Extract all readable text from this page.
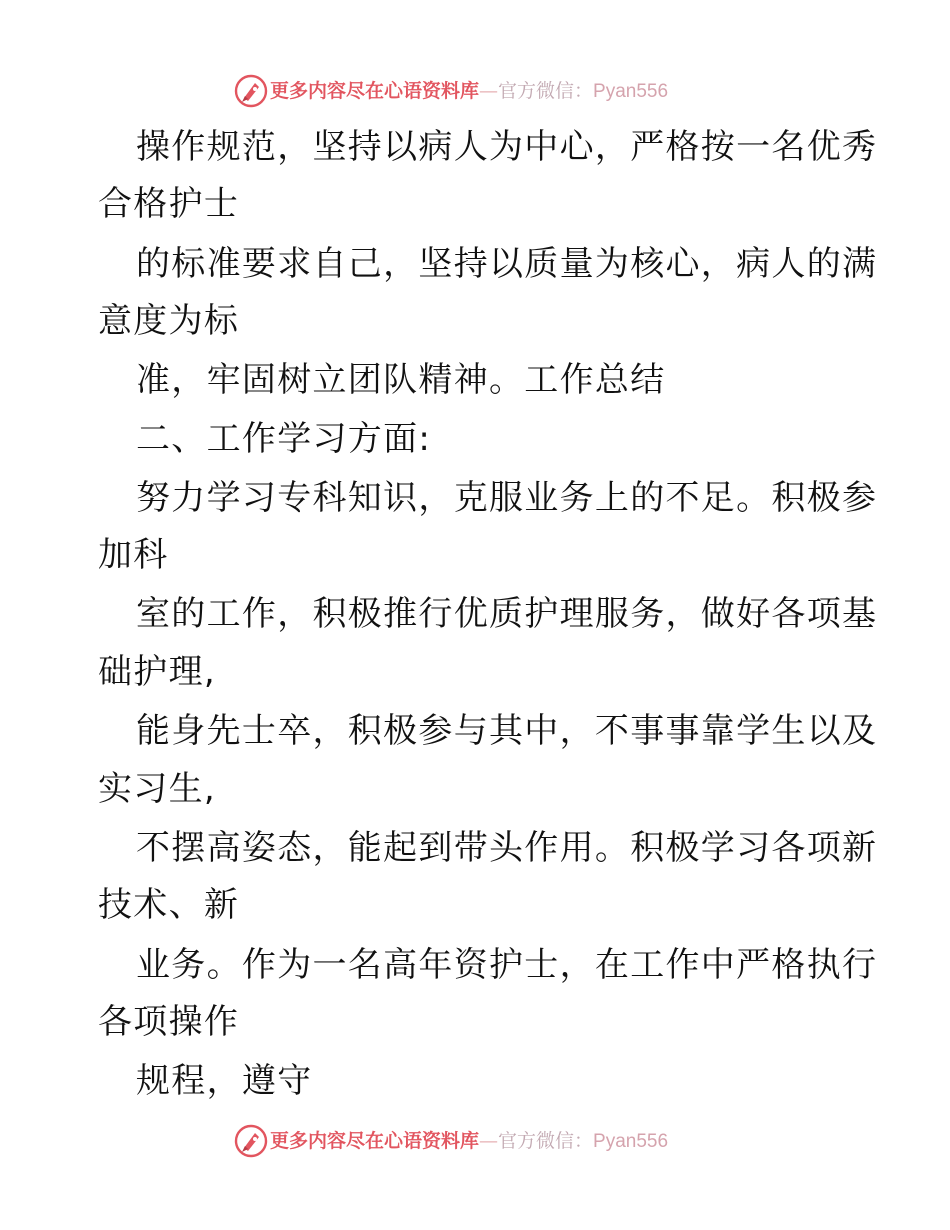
更多内容尽在心语资料库—官方微信：Pyan556
操作规范，坚持以病人为中心，严格按一名优秀
合格护士
的标准要求自己，坚持以质量为核心，病人的满
意度为标
准，牢固树立团队精神。工作总结
二、工作学习方面:
努力学习专科知识，克服业务上的不足。积极参
加科
室的工作，积极推行优质护理服务，做好各项基
础护理,
能身先士卒，积极参与其中，不事事靠学生以及
实习生,
不摆高姿态，能起到带头作用。积极学习各项新
技术、新
业务。作为一名高年资护士，在工作中严格执行
各项操作
规程，遵守
更多内容尽在心语资料库—官方微信：Pyan556
